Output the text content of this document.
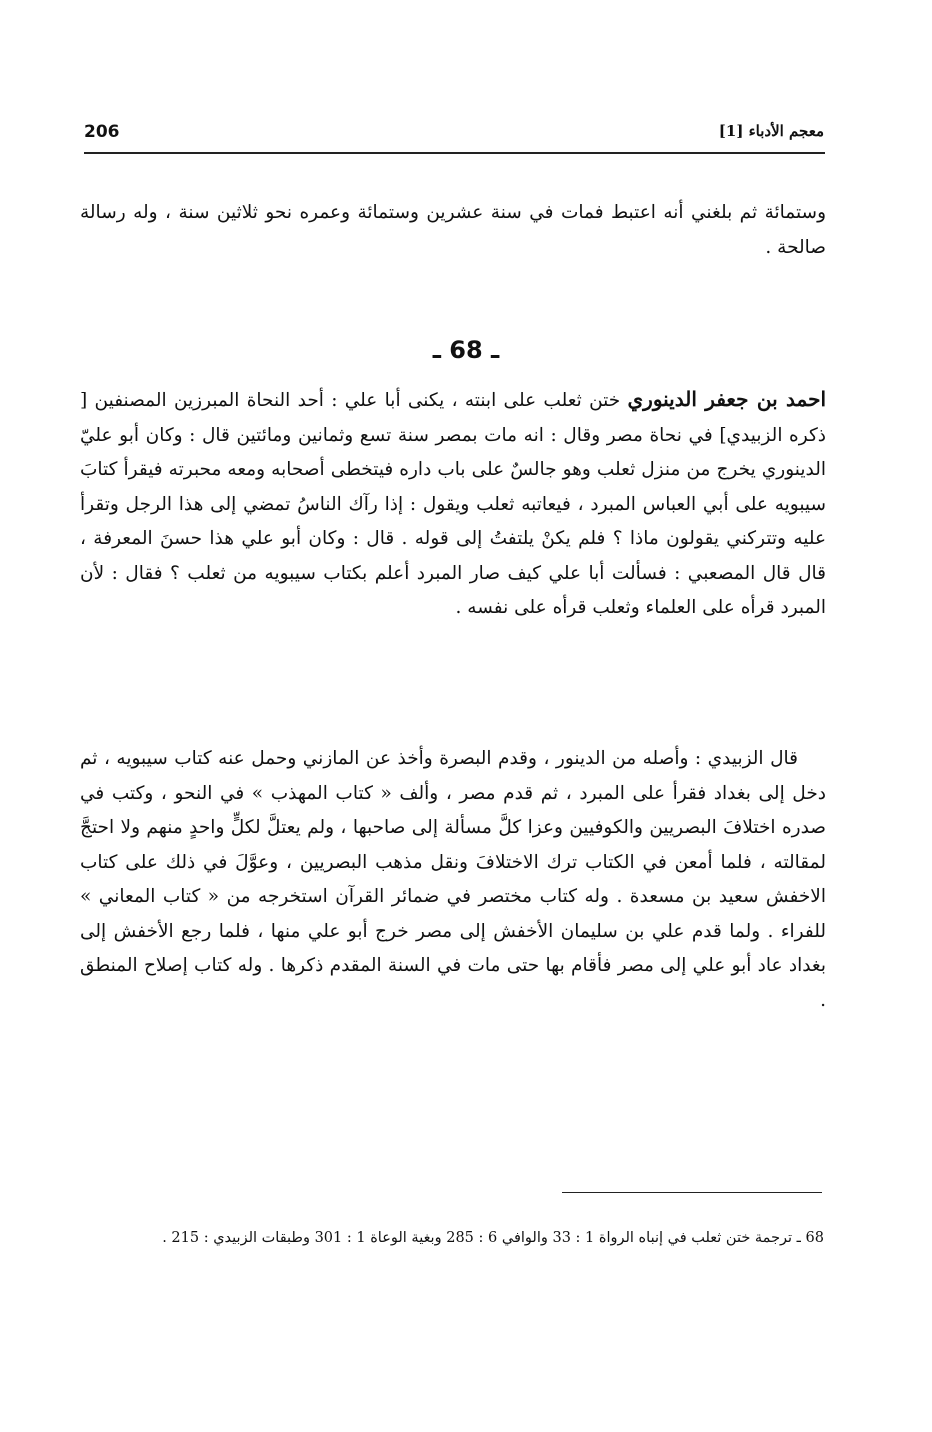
206	معجم الأدباء [1]

وستمائة ثم بلغني أنه اعتبط فمات في سنة عشرين وستمائة وعمره نحو ثلاثين سنة ، وله رسالة صالحة .

ـ 68 ـ

احمد بن جعفر الدينوري ختن ثعلب على ابنته ، يكنى أبا علي : أحد النحاة المبرزين المصنفين [ ذكره الزبيدي] في نحاة مصر وقال : انه مات بمصر سنة تسع وثمانين ومائتين قال : وكان أبو عليّ الدينوري يخرج من منزل ثعلب وهو جالسٌ على باب داره فيتخطى أصحابه ومعه محبرته فيقرأ كتابَ سيبويه على أبي العباس المبرد ، فيعاتبه ثعلب ويقول : إذا رآك الناسُ تمضي إلى هذا الرجل وتقرأ عليه وتتركني يقولون ماذا ؟ فلم يكنْ يلتفتُ إلى قوله . قال : وكان أبو علي هذا حسنَ المعرفة ، قال قال المصعبي : فسألت أبا علي كيف صار المبرد أعلم بكتاب سيبويه من ثعلب ؟ فقال : لأن المبرد قرأه على العلماء وثعلب قرأه على نفسه .

قال الزبيدي : وأصله من الدينور ، وقدم البصرة وأخذ عن المازني وحمل عنه كتاب سيبويه ، ثم دخل إلى بغداد فقرأ على المبرد ، ثم قدم مصر ، وألف « كتاب المهذب » في النحو ، وكتب في صدره اختلافَ البصريين والكوفيين وعزا كلَّ مسألة إلى صاحبها ، ولم يعتلَّ لكلٍّ واحدٍ منهم ولا احتجَّ لمقالته ، فلما أمعن في الكتاب ترك الاختلافَ ونقل مذهب البصريين ، وعوَّلَ في ذلك على كتاب الاخفش سعيد بن مسعدة . وله كتاب مختصر في ضمائر القرآن استخرجه من « كتاب المعاني » للفراء . ولما قدم علي بن سليمان الأخفش إلى مصر خرج أبو علي منها ، فلما رجع الأخفش إلى بغداد عاد أبو علي إلى مصر فأقام بها حتى مات في السنة المقدم ذكرها . وله كتاب إصلاح المنطق .

68 ـ ترجمة ختن ثعلب في إنباه الرواة 1 : 33 والوافي 6 : 285 وبغية الوعاة 1 : 301 وطبقات الزبيدي : 215 .
